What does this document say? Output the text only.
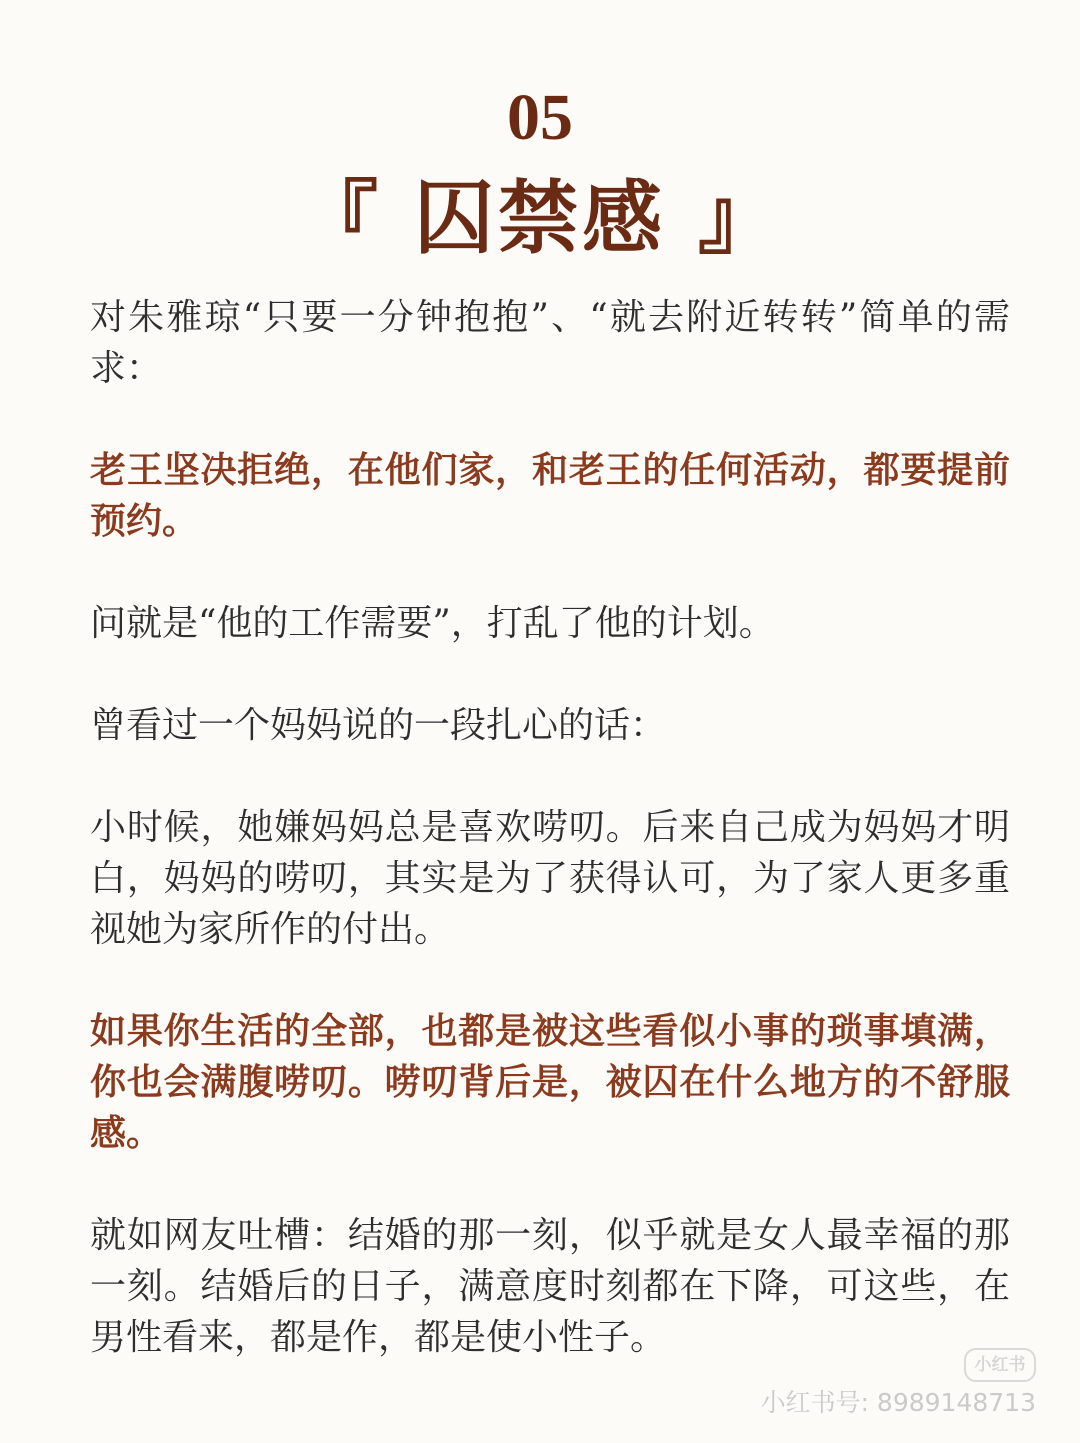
05
『 囚禁感 』

对朱雅琼“只要一分钟抱抱”、“就去附近转转”简单的需求：

老王坚决拒绝，在他们家，和老王的任何活动，都要提前预约。

问就是“他的工作需要”，打乱了他的计划。

曾看过一个妈妈说的一段扎心的话：

小时候，她嫌妈妈总是喜欢唠叨。后来自己成为妈妈才明白，妈妈的唠叨，其实是为了获得认可，为了家人更多重视她为家所作的付出。

如果你生活的全部，也都是被这些看似小事的琐事填满，你也会满腹唠叨。唠叨背后是，被囚在什么地方的不舒服感。

就如网友吐槽：结婚的那一刻，似乎就是女人最幸福的那一刻。结婚后的日子，满意度时刻都在下降，可这些，在男性看来，都是作，都是使小性子。

小红书
小红书号: 8989148713
